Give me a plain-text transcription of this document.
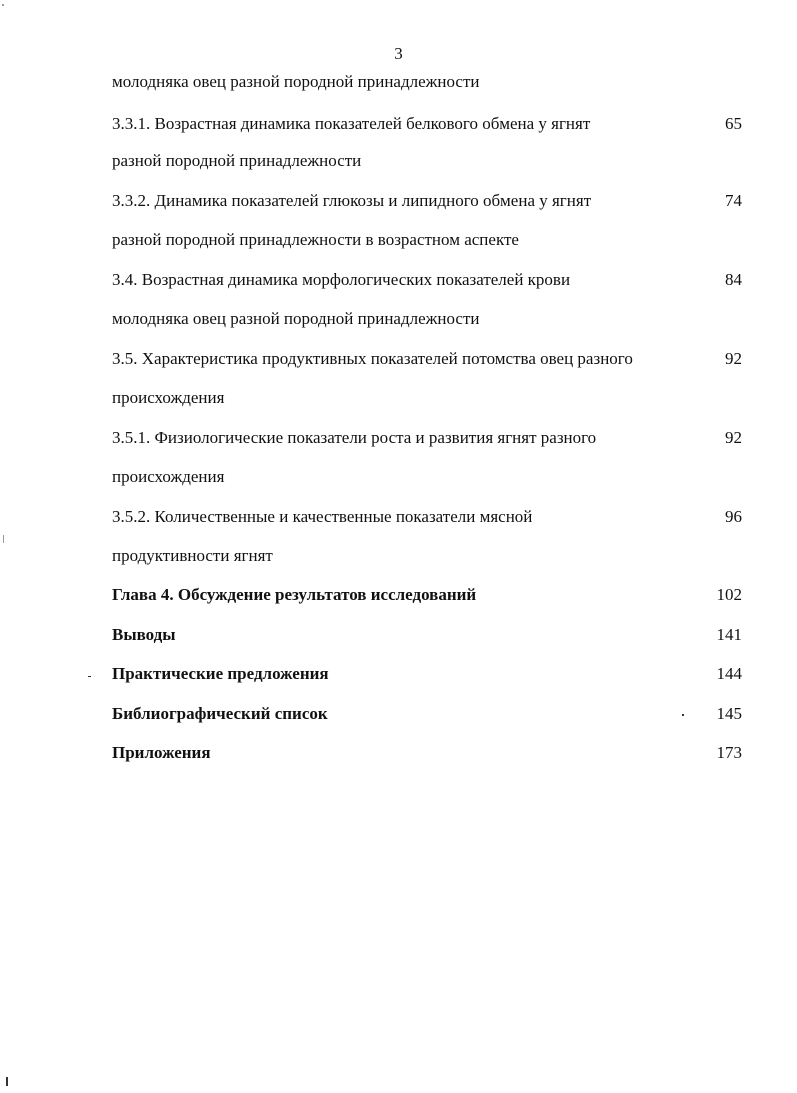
3
молодняка овец разной породной принадлежности
3.3.1. Возрастная динамика показателей белкового обмена у ягнят	65
разной породной принадлежности
3.3.2. Динамика показателей глюкозы и липидного обмена у ягнят	74
разной породной принадлежности в возрастном аспекте
3.4. Возрастная динамика морфологических показателей крови	84
молодняка овец разной породной принадлежности
3.5. Характеристика продуктивных показателей потомства овец разного	92
происхождения
3.5.1. Физиологические показатели роста и развития ягнят разного	92
происхождения
3.5.2. Количественные и качественные показатели мясной	96
продуктивности ягнят
Глава 4. Обсуждение результатов исследований	102
Выводы	141
Практические предложения	144
Библиографический список	145
Приложения	173
